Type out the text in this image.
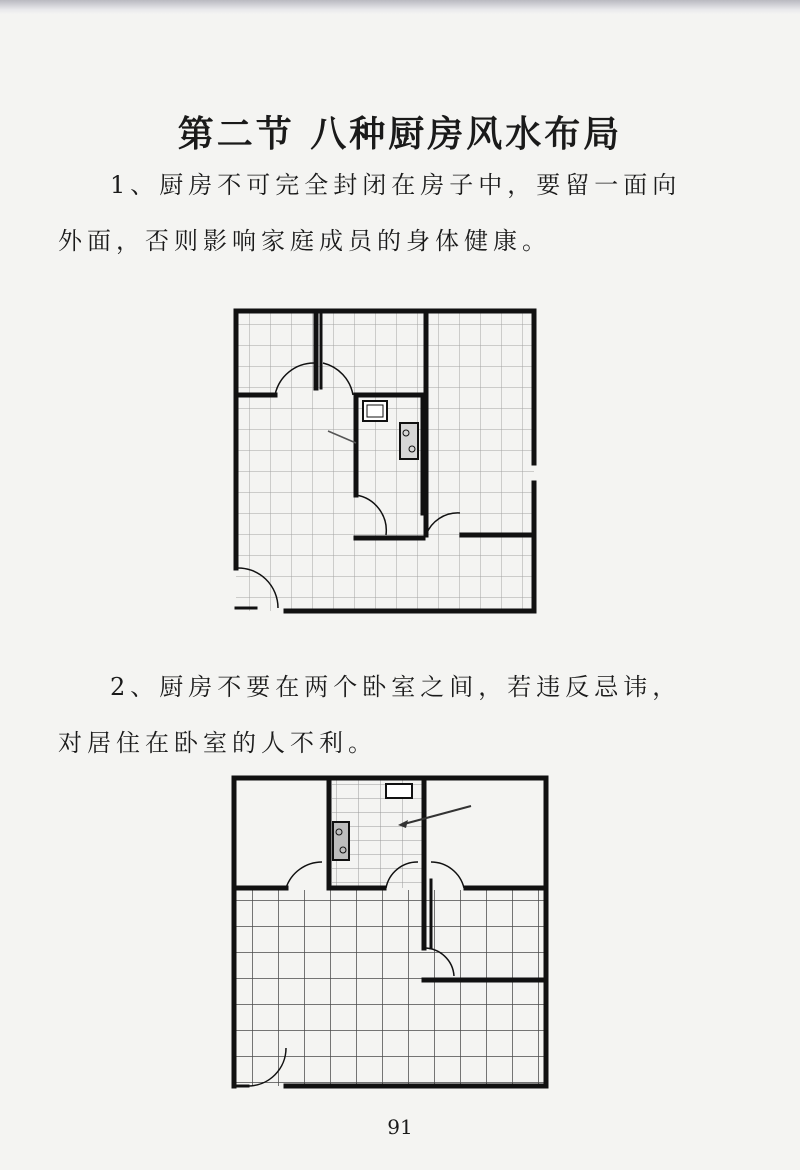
第二节 八种厨房风水布局

1、厨房不可完全封闭在房子中，要留一面向外面，否则影响家庭成员的身体健康。

2、厨房不要在两个卧室之间，若违反忌讳，对居住在卧室的人不利。

91
